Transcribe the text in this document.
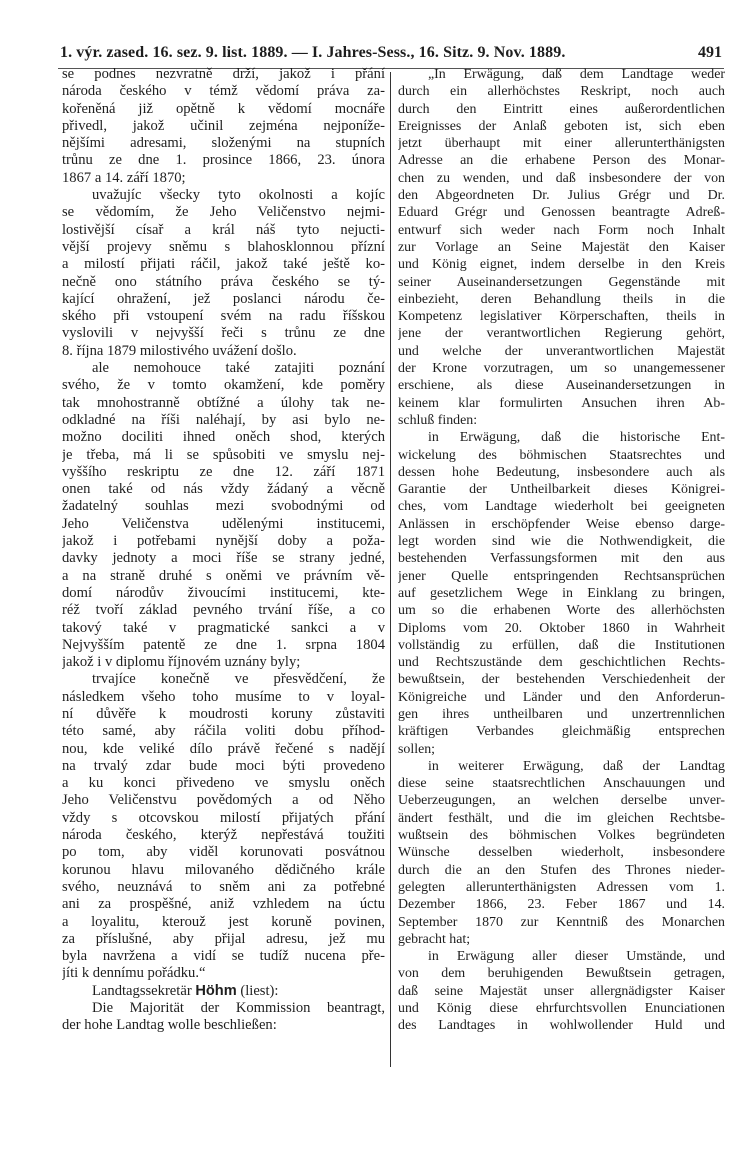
1. výr. zased. 16. sez. 9. list. 1889. — I. Jahres-Sess., 16. Sitz. 9. Nov. 1889.	491
se podnes nezvratně drží, jakož i přání
národa českého v témž vědomí práva za-
kořeněná již opětně k vědomí mocnáře
přivedl, jakož učinil zejména nejponíže-
nějšími adresami, složenými na stupních
trůnu ze dne 1. prosince 1866, 23. února
1867 a 14. září 1870;
uvažujíc všecky tyto okolnosti a kojíc
se vědomím, že Jeho Veličenstvo nejmi-
lostivější císař a král náš tyto nejucti-
vější projevy sněmu s blahosklonnou přízní
a milostí přijati ráčil, jakož také ještě ko-
nečně ono státního práva českého se tý-
kající ohražení, jež poslanci národu če-
ského při vstoupení svém na radu říšskou
vyslovili v nejvyšší řeči s trůnu ze dne
8. října 1879 milostivého uvážení došlo.
ale nemohouce také zatajiti poznání
svého, že v tomto okamžení, kde poměry
tak mnohostranně obtížné a úlohy tak ne-
odkladné na říši naléhají, by asi bylo ne-
možno dociliti ihned oněch shod, kterých
je třeba, má li se spůsobiti ve smyslu nej-
vyššího reskriptu ze dne 12. září 1871
onen také od nás vždy žádaný a věcně
žadatelný souhlas mezi svobodnými od
Jeho Veličenstva udělenými institucemi,
jakož i potřebami nynější doby a poža-
davky jednoty a moci říše se strany jedné,
a na straně druhé s oněmi ve právním vě-
domí národův živoucími institucemi, kte-
réž tvoří základ pevného trvání říše, a co
takový také v pragmatické sankci a v
Nejvyšším patentě ze dne 1. srpna 1804
jakož i v diplomu říjnovém uznány byly;
trvajíce konečně ve přesvědčení, že
následkem všeho toho musíme to v loyal-
ní důvěře k moudrosti koruny zůstaviti
této samé, aby ráčila voliti dobu příhod-
nou, kde veliké dílo právě řečené s nadějí
na trvalý zdar bude moci býti provedeno
a ku konci přivedeno ve smyslu oněch
Jeho Veličenstvu povědomých a od Něho
vždy s otcovskou milostí přijatých přání
národa českého, kterýž nepřestává toužiti
po tom, aby viděl korunovati posvátnou
korunou hlavu milovaného dědičného krále
svého, neuznává to sněm ani za potřebné
ani za prospěšné, aniž vzhledem na úctu
a loyalitu, kterouž jest koruně povinen,
za příslušné, aby přijal adresu, jež mu
byla navržena a vidí se tudíž nucena pře-
jíti k dennímu pořádku.“
Landtagssekretär Höhm (liest):
Die Majorität der Kommission beantragt,
der hohe Landtag wolle beschließen:
„In Erwägung, daß dem Landtage weder
durch ein allerhöchstes Reskript, noch auch
durch den Eintritt eines außerordentlichen
Ereignisses der Anlaß geboten ist, sich eben
jetzt überhaupt mit einer allerunterthänigsten
Adresse an die erhabene Person des Monar-
chen zu wenden, und daß insbesondere der von
den Abgeordneten Dr. Julius Grégr und Dr.
Eduard Grégr und Genossen beantragte Adreß-
entwurf sich weder nach Form noch Inhalt
zur Vorlage an Seine Majestät den Kaiser
und König eignet, indem derselbe in den Kreis
seiner Auseinandersetzungen Gegenstände mit
einbezieht, deren Behandlung theils in die
Kompetenz legislativer Körperschaften, theils in
jene der verantwortlichen Regierung gehört,
und welche der unverantwortlichen Majestät
der Krone vorzutragen, um so unangemessener
erschiene, als diese Auseinandersetzungen in
keinem klar formulirten Ansuchen ihren Ab-
schluß finden:
in Erwägung, daß die historische Ent-
wickelung des böhmischen Staatsrechtes und
dessen hohe Bedeutung, insbesondere auch als
Garantie der Untheilbarkeit dieses Königrei-
ches, vom Landtage wiederholt bei geeigneten
Anlässen in erschöpfender Weise ebenso darge-
legt worden sind wie die Nothwendigkeit, die
bestehenden Verfassungsformen mit den aus
jener Quelle entspringenden Rechtsansprüchen
auf gesetzlichem Wege in Einklang zu bringen,
um so die erhabenen Worte des allerhöchsten
Diploms vom 20. Oktober 1860 in Wahrheit
vollständig zu erfüllen, daß die Institutionen
und Rechtszustände dem geschichtlichen Rechts-
bewußtsein, der bestehenden Verschiedenheit der
Königreiche und Länder und den Anforderun-
gen ihres untheilbaren und unzertrennlichen
kräftigen Verbandes gleichmäßig entsprechen
sollen;
in weiterer Erwägung, daß der Landtag
diese seine staatsrechtlichen Anschauungen und
Ueberzeugungen, an welchen derselbe unver-
ändert festhält, und die im gleichen Rechtsbe-
wußtsein des böhmischen Volkes begründeten
Wünsche desselben wiederholt, insbesondere
durch die an den Stufen des Thrones nieder-
gelegten allerunterthänigsten Adressen vom 1.
Dezember 1866, 23. Feber 1867 und 14.
September 1870 zur Kenntniß des Monarchen
gebracht hat;
in Erwägung aller dieser Umstände, und
von dem beruhigenden Bewußtsein getragen,
daß seine Majestät unser allergnädigster Kaiser
und König diese ehrfurchtsvollen Enunciationen
des Landtages in wohlwollender Huld und
